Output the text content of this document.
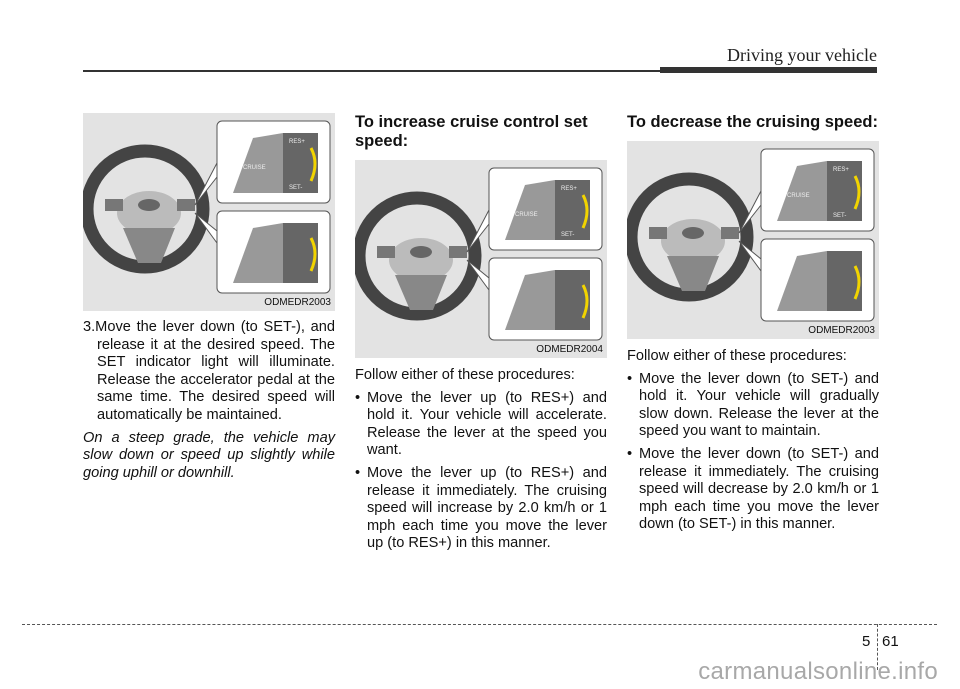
Driving your vehicle
CRUISE
RES+
SET-
ODMEDR2003

3.Move the lever down (to SET-), and release it at the desired speed. The SET indicator light will illuminate. Release the accelerator pedal at the same time. The desired speed will automatically be maintained.

On a steep grade, the vehicle may slow down or speed up slightly while going uphill or downhill.

To increase cruise control set speed:
CRUISE
RES+
SET-
ODMEDR2004

Follow either of these procedures:

• Move the lever up (to RES+) and hold it. Your vehicle will accelerate. Release the lever at the speed you want.
• Move the lever up (to RES+) and release it immediately. The cruising speed will increase by 2.0 km/h or 1 mph each time you move the lever up (to RES+) in this manner.
To decrease the cruising speed:
CRUISE
RES+
SET-
ODMEDR2003

Follow either of these procedures:

• Move the lever down (to SET-) and hold it. Your vehicle will gradually slow down. Release the lever at the speed you want to maintain.
• Move the lever down (to SET-) and release it immediately. The cruising speed will decrease by 2.0 km/h or 1 mph each time you move the lever down (to SET-) in this manner.
5 61
carmanualsonline.info
